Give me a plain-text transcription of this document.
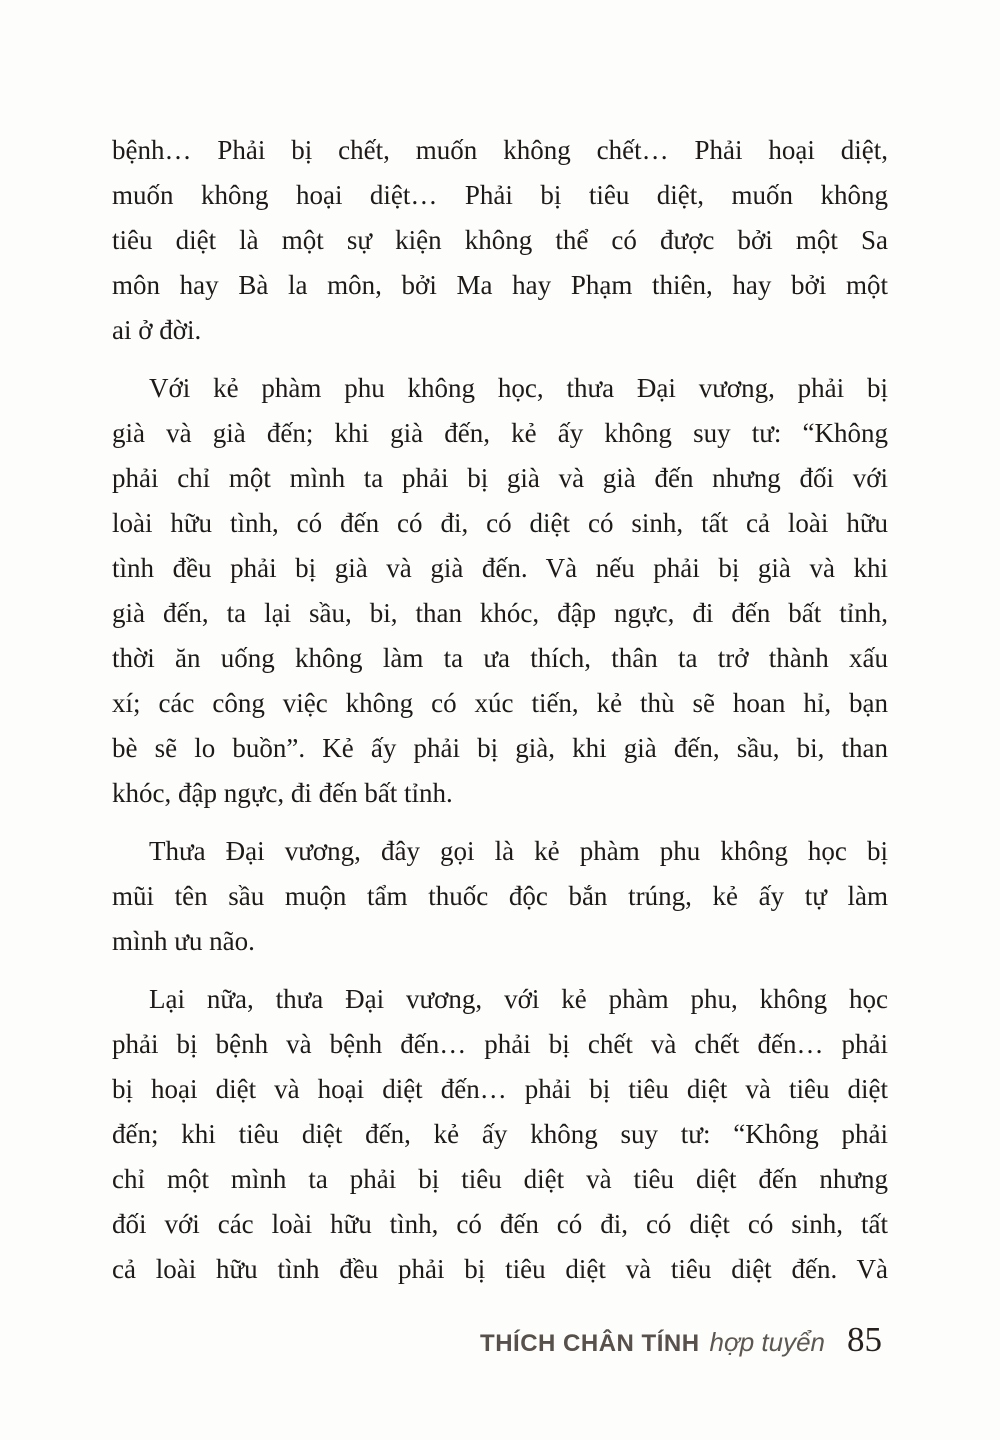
bệnh… Phải bị chết, muốn không chết… Phải hoại diệt,
muốn không hoại diệt… Phải bị tiêu diệt, muốn không
tiêu diệt là một sự kiện không thể có được bởi một Sa
môn hay Bà la môn, bởi Ma hay Phạm thiên, hay bởi một
ai ở đời.
Với kẻ phàm phu không học, thưa Đại vương, phải bị
già và già đến; khi già đến, kẻ ấy không suy tư: “Không
phải chỉ một mình ta phải bị già và già đến nhưng đối với
loài hữu tình, có đến có đi, có diệt có sinh, tất cả loài hữu
tình đều phải bị già và già đến. Và nếu phải bị già và khi
già đến, ta lại sầu, bi, than khóc, đập ngực, đi đến bất tỉnh,
thời ăn uống không làm ta ưa thích, thân ta trở thành xấu
xí; các công việc không có xúc tiến, kẻ thù sẽ hoan hỉ, bạn
bè sẽ lo buồn”. Kẻ ấy phải bị già, khi già đến, sầu, bi, than
khóc, đập ngực, đi đến bất tỉnh.
Thưa Đại vương, đây gọi là kẻ phàm phu không học bị
mũi tên sầu muộn tẩm thuốc độc bắn trúng, kẻ ấy tự làm
mình ưu não.
Lại nữa, thưa Đại vương, với kẻ phàm phu, không học
phải bị bệnh và bệnh đến… phải bị chết và chết đến… phải
bị hoại diệt và hoại diệt đến… phải bị tiêu diệt và tiêu diệt
đến; khi tiêu diệt đến, kẻ ấy không suy tư: “Không phải
chỉ một mình ta phải bị tiêu diệt và tiêu diệt đến nhưng
đối với các loài hữu tình, có đến có đi, có diệt có sinh, tất
cả loài hữu tình đều phải bị tiêu diệt và tiêu diệt đến. Và
THÍCH CHÂN TÍNH hợp tuyển 85
